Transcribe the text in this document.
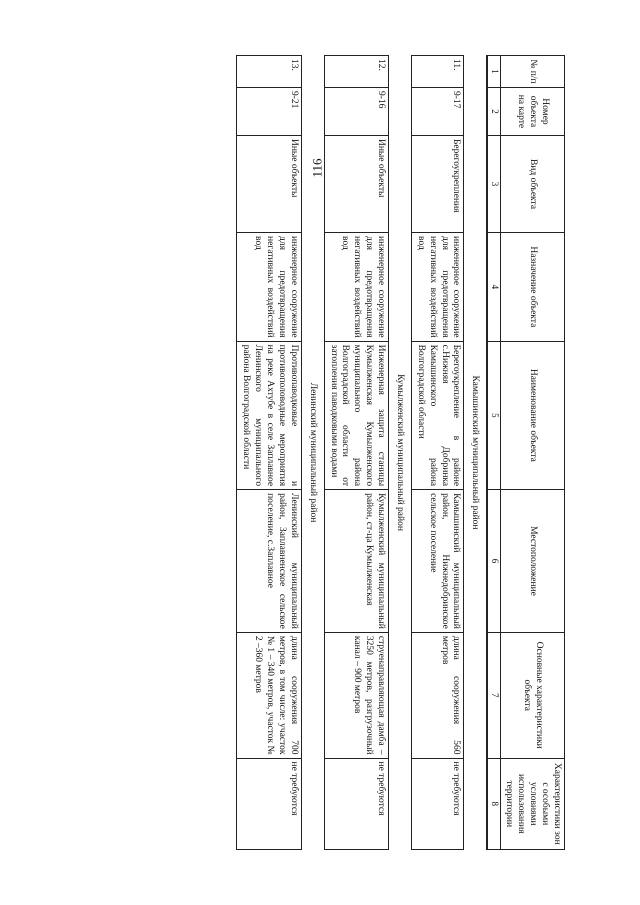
116
№ п/п	Номер объекта на карте	Вид объекта	Назначение объекта	Наименование объекта	Местоположение	Основные характеристики объекта	Характеристики зон с особыми условиями использования территории
1	2	3	4	5	6	7	8
Камышинский муниципальный район							
11.	9-17	Берегоукрепления	инженерное сооружение для предотвращения негативных воздействий вод	Берегоукрепление в районе с.Нижняя Добринка Камышинского района Волгоградской области	Камышинский муниципальный район, Нижнедобринское сельское поселение	длина сооружения 560 метров	не требуются
Кумылженский муниципальный район							
12.	9-16	Иные объекты	инженерное сооружение для предотвращения негативных воздействий вод	Инженерная защита станицы Кумылженская Кумылженского муниципального района Волгоградской области от затопления паводковыми водами	Кумылженский муниципальный район, ст-ца Кумылженская	струенаправляющая дамба – 3250 метров, разгрузочный канал – 900 метров	не требуются
Ленинский муниципальный район							
13.	9-21	Иные объекты	инженерное сооружение для предотвращения негативных воздействий вод	Противопаводковые и противополоводные мероприятия на реке Ахтубе в селе Заплавное Ленинского муниципального района Волгоградской области	Ленинский муниципальный район, Заплавненское сельское поселение, с.Заплавное	длина сооружения 700 метров, в том числе: участок № 1 – 340 метров, участок № 2 –360 метров	не требуются
